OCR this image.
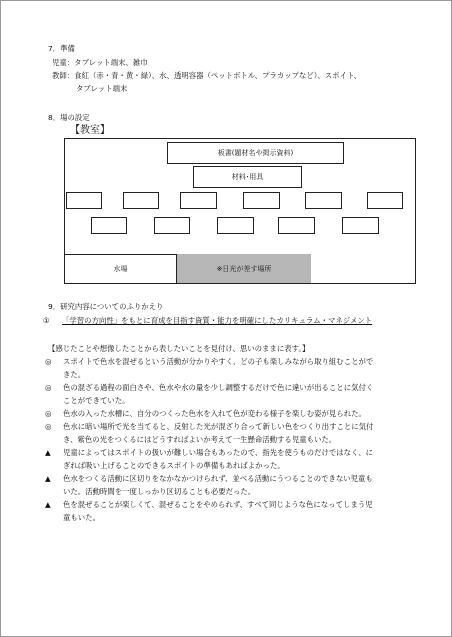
7．準備
児童：タブレット端末、雑巾
教師：食紅（赤・青・黄・緑）、水、透明容器（ペットボトル、プラカップなど）、スポイト、
タブレット端末
8．場の設定
【教室】
板書(題材名や掲示資料)
材料･用具
水場	※日光が差す場所
9．研究内容についてのふりかえり
① 「学習の方向性」をもとに育成を目指す資質・能力を明確にしたカリキュラム・マネジメント
【感じたことや想像したことから表したいことを見付け、思いのままに表す。】
◎ スポイトで色水を混ぜるという活動が分かりやすく、どの子も楽しみながら取り組むことがで
きた。
◎ 色の混ざる過程の面白さや、色水や水の量を少し調整するだけで色に違いが出ることに気付く
ことができていた。
◎ 色水の入った水槽に、自分のつくった色水を入れて色が変わる様子を楽しむ姿が見られた。
◎ 色水に暗い場所で光を当てると、反射した光が混ざり合って新しい色をつくり出すことに気付
き、紫色の光をつくるにはどうすればよいか考えて一生懸命活動する児童もいた。
▲ 児童によってはスポイトの扱いが難しい場合もあったので、指先を使うものだけではなく、に
ぎれば吸い上げることのできるスポイトの準備もあればよかった。
▲ 色水をつくる活動に区切りをなかなかつけられず、並べる活動にうつることのできない児童も
いた。活動時間を一度しっかり区切ることも必要だった。
▲ 色を混ぜることが楽しくて、混ぜることをやめられず、すべて同じような色になってしまう児
童もいた。
